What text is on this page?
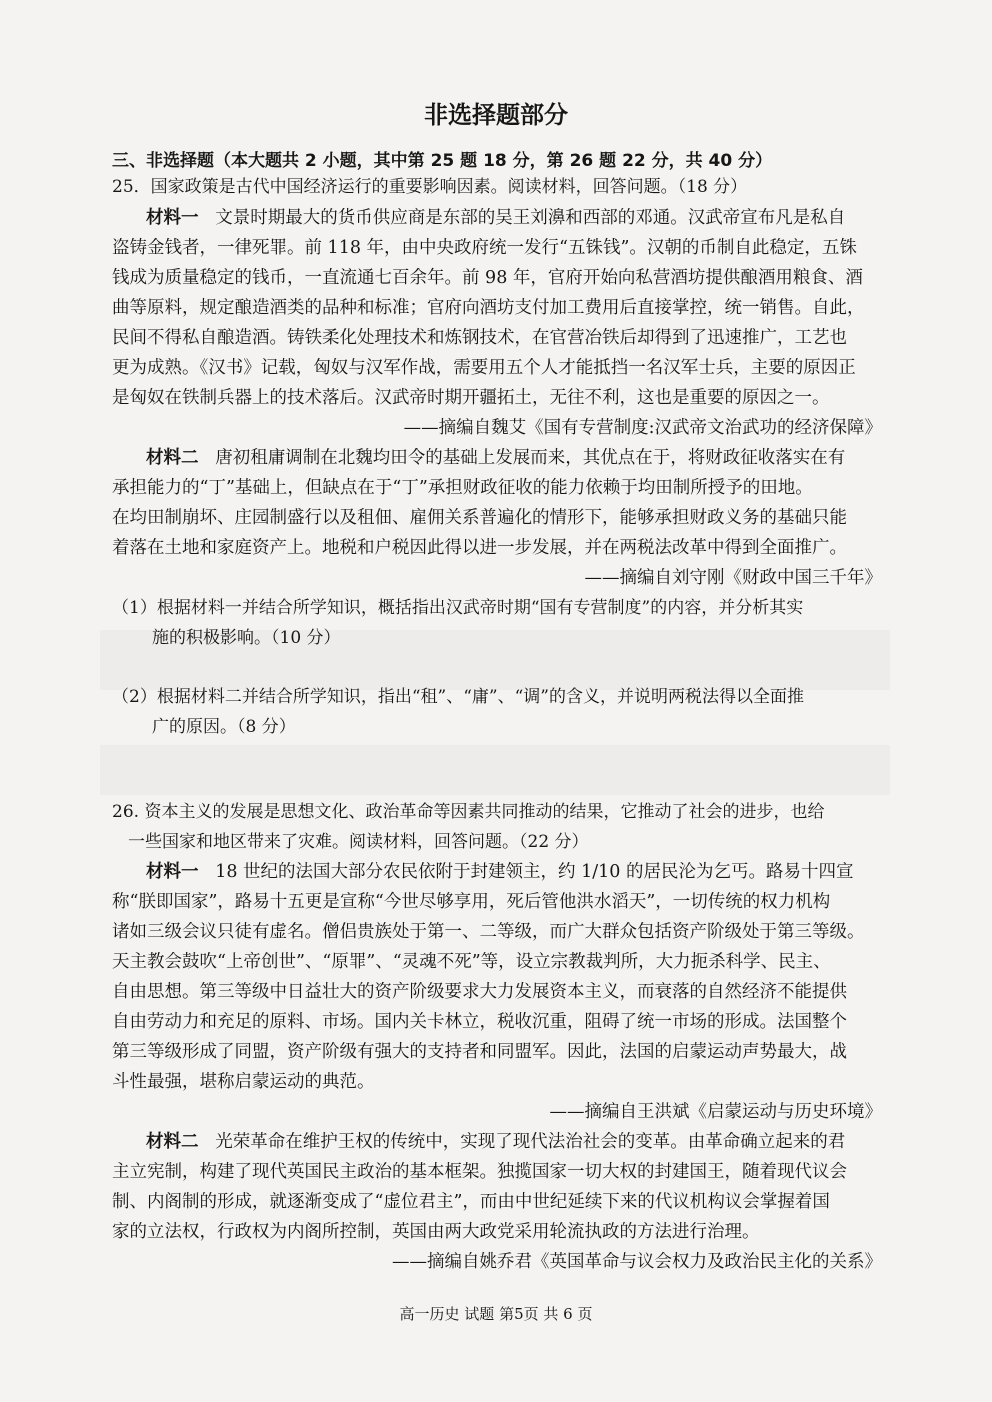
非选择题部分
三、非选择题（本大题共 2 小题，其中第 25 题 18 分，第 26 题 22 分，共 40 分）
25．国家政策是古代中国经济运行的重要影响因素。阅读材料，回答问题。（18 分）
材料一 文景时期最大的货币供应商是东部的吴王刘濞和西部的邓通。汉武帝宣布凡是私自
盗铸金钱者，一律死罪。前 118 年，由中央政府统一发行“五铢钱”。汉朝的币制自此稳定，五铢
钱成为质量稳定的钱币，一直流通七百余年。前 98 年，官府开始向私营酒坊提供酿酒用粮食、酒
曲等原料，规定酿造酒类的品种和标准；官府向酒坊支付加工费用后直接掌控，统一销售。自此，
民间不得私自酿造酒。铸铁柔化处理技术和炼钢技术，在官营冶铁后却得到了迅速推广，工艺也
更为成熟。《汉书》记载，匈奴与汉军作战，需要用五个人才能抵挡一名汉军士兵，主要的原因正
是匈奴在铁制兵器上的技术落后。汉武帝时期开疆拓土，无往不利，这也是重要的原因之一。
——摘编自魏艾《国有专营制度:汉武帝文治武功的经济保障》
材料二 唐初租庸调制在北魏均田令的基础上发展而来，其优点在于，将财政征收落实在有
承担能力的“丁”基础上，但缺点在于“丁”承担财政征收的能力依赖于均田制所授予的田地。
在均田制崩坏、庄园制盛行以及租佃、雇佣关系普遍化的情形下，能够承担财政义务的基础只能
着落在土地和家庭资产上。地税和户税因此得以进一步发展，并在两税法改革中得到全面推广。
——摘编自刘守刚《财政中国三千年》
（1）根据材料一并结合所学知识，概括指出汉武帝时期“国有专营制度”的内容，并分析其实
施的积极影响。（10 分）
（2）根据材料二并结合所学知识，指出“租”、“庸”、“调”的含义，并说明两税法得以全面推
广的原因。（8 分）
26. 资本主义的发展是思想文化、政治革命等因素共同推动的结果，它推动了社会的进步，也给
一些国家和地区带来了灾难。阅读材料，回答问题。（22 分）
材料一 18 世纪的法国大部分农民依附于封建领主，约 1/10 的居民沦为乞丐。路易十四宣
称“朕即国家”，路易十五更是宣称“今世尽够享用，死后管他洪水滔天”，一切传统的权力机构
诸如三级会议只徒有虚名。僧侣贵族处于第一、二等级，而广大群众包括资产阶级处于第三等级。
天主教会鼓吹“上帝创世”、“原罪”、“灵魂不死”等，设立宗教裁判所，大力扼杀科学、民主、
自由思想。第三等级中日益壮大的资产阶级要求大力发展资本主义，而衰落的自然经济不能提供
自由劳动力和充足的原料、市场。国内关卡林立，税收沉重，阻碍了统一市场的形成。法国整个
第三等级形成了同盟，资产阶级有强大的支持者和同盟军。因此，法国的启蒙运动声势最大，战
斗性最强，堪称启蒙运动的典范。
——摘编自王洪斌《启蒙运动与历史环境》
材料二 光荣革命在维护王权的传统中，实现了现代法治社会的变革。由革命确立起来的君
主立宪制，构建了现代英国民主政治的基本框架。独揽国家一切大权的封建国王，随着现代议会
制、内阁制的形成，就逐渐变成了“虚位君主”，而由中世纪延续下来的代议机构议会掌握着国
家的立法权，行政权为内阁所控制，英国由两大政党采用轮流执政的方法进行治理。
——摘编自姚乔君《英国革命与议会权力及政治民主化的关系》
高一历史 试题 第5页 共 6 页
